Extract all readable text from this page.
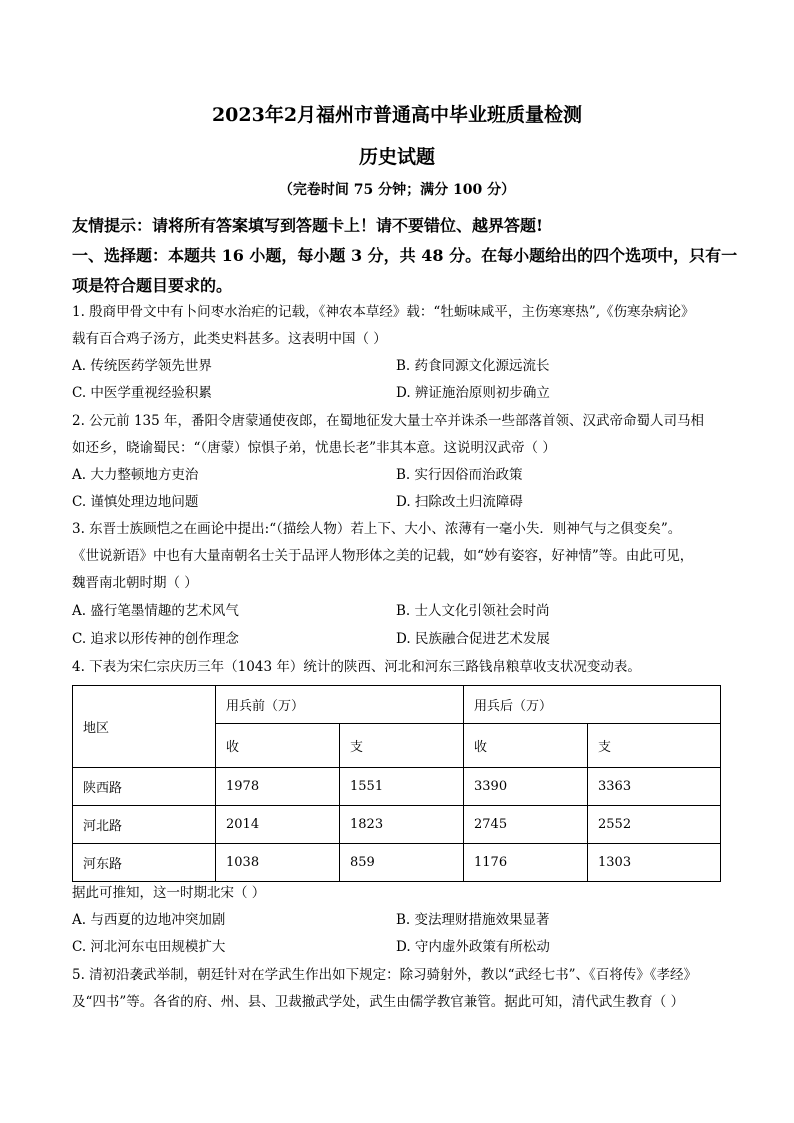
2023年2月福州市普通高中毕业班质量检测
历史试题
（完卷时间 75 分钟；满分 100 分）
友情提示：请将所有答案填写到答题卡上！请不要错位、越界答题!
一、选择题：本题共 16 小题，每小题 3 分，共 48 分。在每小题给出的四个选项中，只有一
项是符合题目要求的。
1. 殷商甲骨文中有卜问枣水治疟的记载，《神农本草经》载：“牡蛎味咸平，主伤寒寒热”,《伤寒杂病论》
载有百合鸡子汤方，此类史料甚多。这表明中国（ ）
A. 传统医药学领先世界	B. 药食同源文化源远流长
C. 中医学重视经验积累	D. 辨证施治原则初步确立
2. 公元前 135 年，番阳令唐蒙通使夜郎，在蜀地征发大量士卒并诛杀一些部落首领、汉武帝命蜀人司马相
如还乡，晓谕蜀民：“（唐蒙）惊惧子弟，忧患长老”非其本意。这说明汉武帝（ ）
A. 大力整顿地方吏治	B. 实行因俗而治政策
C. 谨慎处理边地问题	D. 扫除改土归流障碍
3. 东晋士族顾恺之在画论中提出:“（描绘人物）若上下、大小、浓薄有一毫小失．则神气与之俱变矣”。
《世说新语》中也有大量南朝名士关于品评人物形体之美的记载，如“妙有姿容，好神情”等。由此可见，
魏晋南北朝时期（ ）
A. 盛行笔墨情趣的艺术风气	B. 士人文化引领社会时尚
C. 追求以形传神的创作理念	D. 民族融合促进艺术发展
4. 下表为宋仁宗庆历三年（1043 年）统计的陕西、河北和河东三路钱帛粮草收支状况变动表。
地区	用兵前（万）		用兵后（万）	
	收	支	收	支
陕西路	1978	1551	3390	3363
河北路	2014	1823	2745	2552
河东路	1038	859	1176	1303
据此可推知，这一时期北宋（ ）
A. 与西夏的边地冲突加剧	B. 变法理财措施效果显著
C. 河北河东屯田规模扩大	D. 守内虚外政策有所松动
5. 清初沿袭武举制，朝廷针对在学武生作出如下规定：除习骑射外，教以“武经七书”、《百将传》《孝经》
及“四书”等。各省的府、州、县、卫裁撤武学处，武生由儒学教官兼管。据此可知，清代武生教育（ ）
